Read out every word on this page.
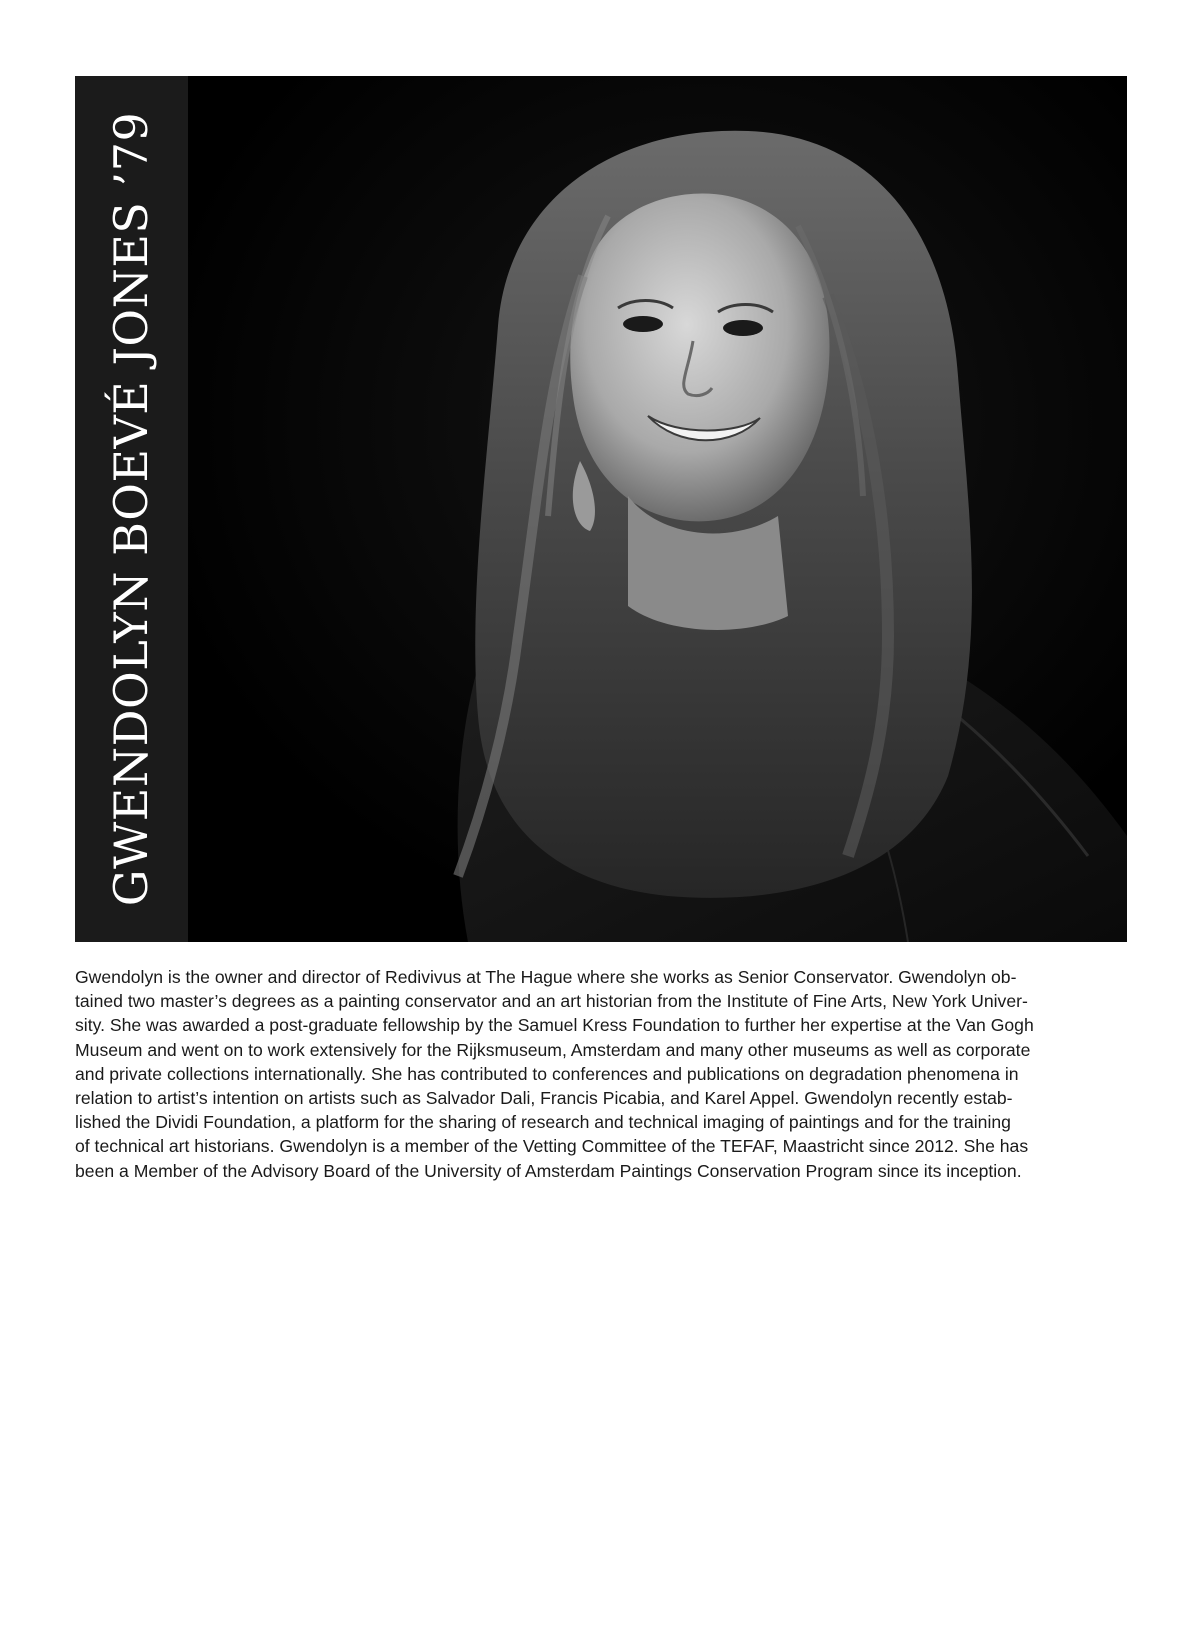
GWENDOLYN BOEVÉ JONES ’79

Gwendolyn is the owner and director of Redivivus at The Hague where she works as Senior Conservator. Gwendolyn ob-
tained two master’s degrees as a painting conservator and an art historian from the Institute of Fine Arts, New York Univer-
sity. She was awarded a post-graduate fellowship by the Samuel Kress Foundation to further her expertise at the Van Gogh
Museum and went on to work extensively for the Rijksmuseum, Amsterdam and many other museums as well as corporate
and private collections internationally. She has contributed to conferences and publications on degradation phenomena in
relation to artist’s intention on artists such as Salvador Dali, Francis Picabia, and Karel Appel. Gwendolyn recently estab-
lished the Dividi Foundation, a platform for the sharing of research and technical imaging of paintings and for the training
of technical art historians. Gwendolyn is a member of the Vetting Committee of the TEFAF, Maastricht since 2012. She has
been a Member of the Advisory Board of the University of Amsterdam Paintings Conservation Program since its inception.
